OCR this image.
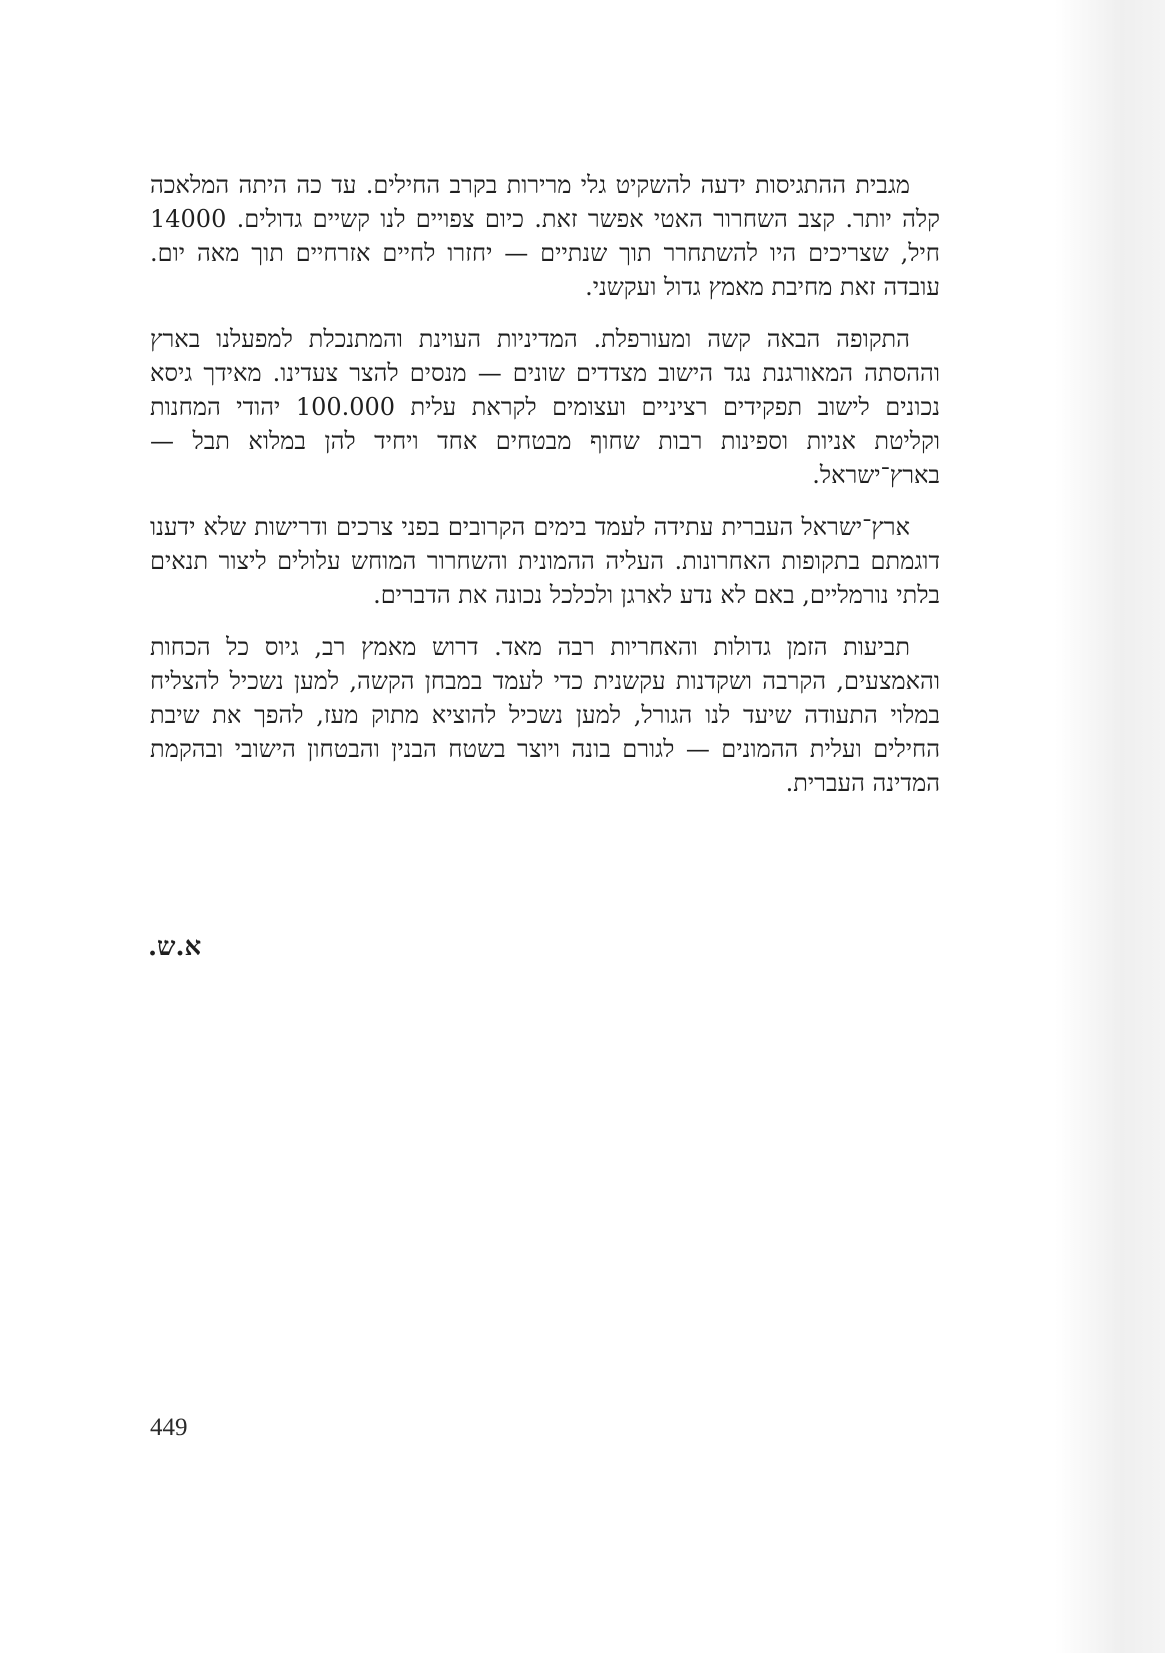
מגבית ההתגיסות ידעה להשקיט גלי מרירות בקרב החילים. עד כה היתה המלאכה קלה יותר. קצב השחרור האטי אפשר זאת. כיום צפויים לנו קשיים גדולים. 14000 חיל, שצריכים היו להשתחרר תוך שנתיים — יחזרו לחיים אזרחיים תוך מאה יום. עובדה זאת מחיבת מאמץ גדול ועקשני.

התקופה הבאה קשה ומעורפלת. המדיניות העוינת והמתנכלת למפעלנו בארץ וההסתה המאורגנת נגד הישוב מצדדים שונים — מנסים להצר צעדינו. מאידך גיסא נכונים לישוב תפקידים רציניים ועצומים לקראת עלית 100.000 יהודי המחנות וקליטת אניות וספינות רבות שחוף מבטחים אחד ויחיד להן במלוא תבל — בארץ־ישראל.

ארץ־ישראל העברית עתידה לעמד בימים הקרובים בפני צרכים ודרישות שלא ידענו דוגמתם בתקופות האחרונות. העליה ההמונית והשחרור המוחש עלולים ליצור תנאים בלתי נורמליים, באם לא נדע לארגן ולכלכל נכונה את הדברים.

תביעות הזמן גדולות והאחריות רבה מאד. דרוש מאמץ רב, גיוס כל הכחות והאמצעים, הקרבה ושקדנות עקשנית כדי לעמד במבחן הקשה, למען נשכיל להצליח במלוי התעודה שיעד לנו הגורל, למען נשכיל להוציא מתוק מעז, להפך את שיבת החילים ועלית ההמונים — לגורם בונה ויוצר בשטח הבנין והבטחון הישובי ובהקמת המדינה העברית.

א.ש.
449
